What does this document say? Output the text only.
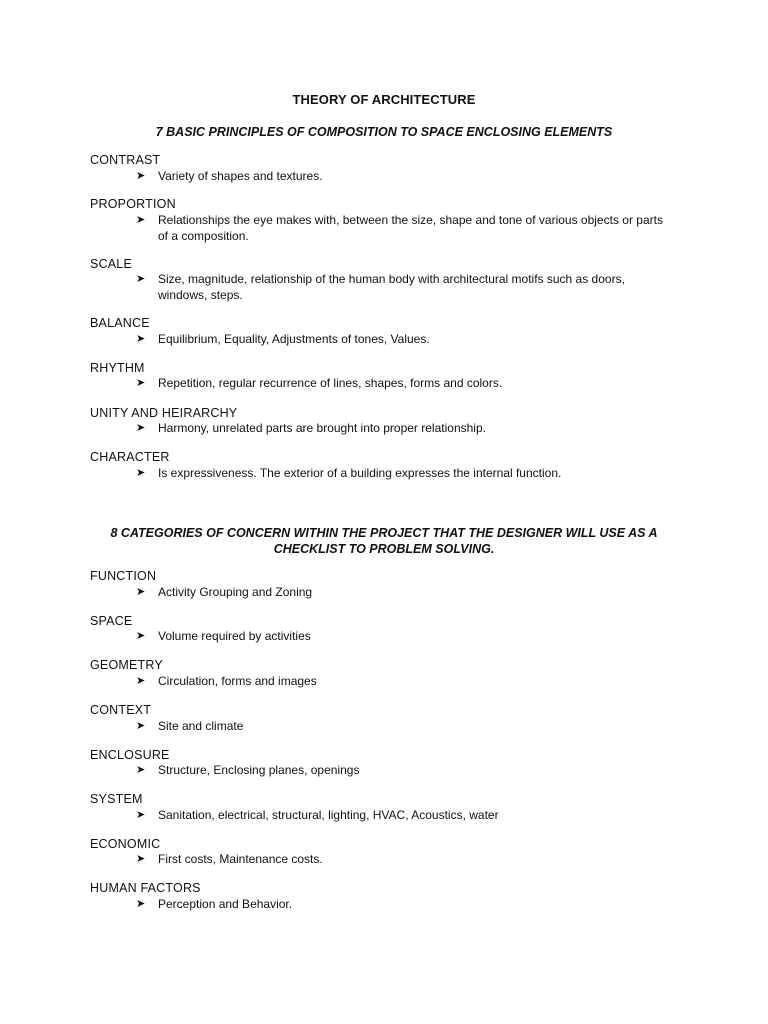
THEORY OF ARCHITECTURE
7 BASIC PRINCIPLES OF COMPOSITION TO SPACE ENCLOSING ELEMENTS
CONTRAST
➤ Variety of shapes and textures.
PROPORTION
➤ Relationships the eye makes with, between the size, shape and tone of various objects or parts of a composition.
SCALE
➤ Size, magnitude, relationship of the human body with architectural motifs such as doors, windows, steps.
BALANCE
➤ Equilibrium, Equality, Adjustments of tones, Values.
RHYTHM
➤ Repetition, regular recurrence of lines, shapes, forms and colors.
UNITY AND HEIRARCHY
➤ Harmony, unrelated parts are brought into proper relationship.
CHARACTER
➤ Is expressiveness. The exterior of a building expresses the internal function.
8 CATEGORIES OF CONCERN WITHIN THE PROJECT THAT THE DESIGNER WILL USE AS A CHECKLIST TO PROBLEM SOLVING.
FUNCTION
➤ Activity Grouping and Zoning
SPACE
➤ Volume required by activities
GEOMETRY
➤ Circulation, forms and images
CONTEXT
➤ Site and climate
ENCLOSURE
➤ Structure, Enclosing planes, openings
SYSTEM
➤ Sanitation, electrical, structural, lighting, HVAC, Acoustics, water
ECONOMIC
➤ First costs, Maintenance costs.
HUMAN FACTORS
➤ Perception and Behavior.
